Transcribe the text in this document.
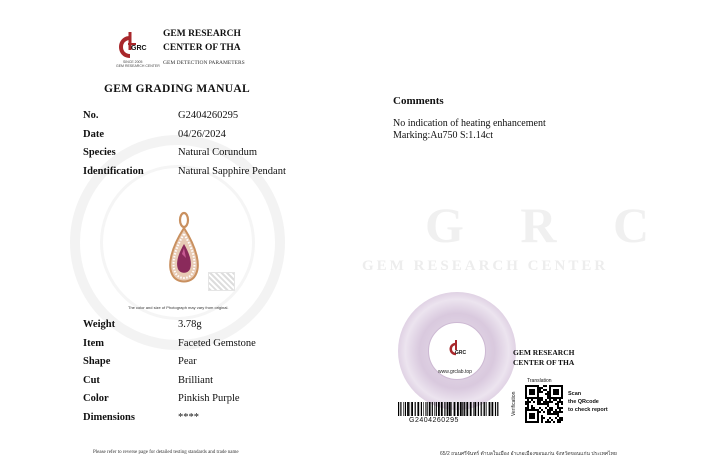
GRC
SINCE 2005
GEM RESEARCH CENTER
GEM RESEARCH
CENTER OF THA
GEM DETECTION PARAMETERS
GEM GRADING MANUAL
No.	G2404260295
Date	04/26/2024
Species	Natural Corundum
Identification	Natural Sapphire Pendant
The color and size of Photograph may vary from original.
Weight	3.78g
Item	Faceted Gemstone
Shape	Pear
Cut	Brilliant
Color	Pinkish Purple
Dimensions	****
Please refer to reverse page for detailed testing standards and trade name
G R C
GEM RESEARCH CENTER
Comments
No indication of heating enhancement
Marking:Au750 S:1.14ct
GRC
www.grclab.top
GEM RESEARCH
CENTER OF THA
G2404260295
Verification
Translation
Scan
the QRcode
to check report
65/2 ถนนศรีจันทร์ ตำบลในเมือง อำเภอเมืองขอนแก่น จังหวัดขอนแก่น ประเทศไทย
